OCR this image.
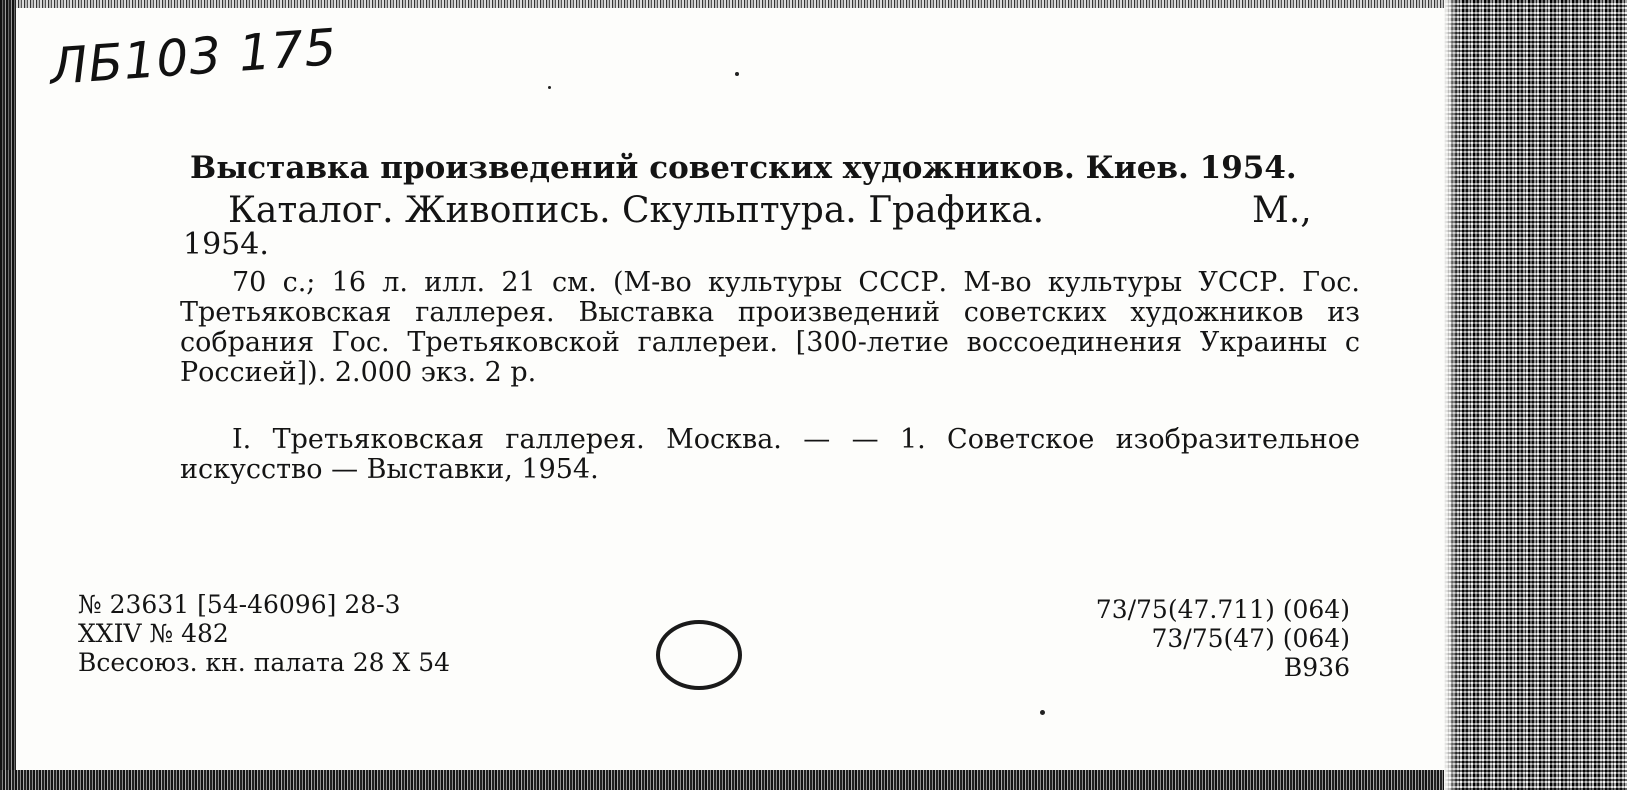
ЛБ103 175
Выставка произведений советских художников. Киев. 1954.
Каталог. Живопись. Скульптура. Графика.	М.,
1954.
70 с.; 16 л. илл. 21 см. (М-во культуры СССР. М-во культуры УССР. Гос. Третьяковская галлерея. Выставка произведений советских художников из собрания Гос. Третьяковской галлереи. [300-летие воссоединения Украины с Россией]). 2.000 экз. 2 р.
I. Третьяковская галлерея. Москва. — — 1. Советское изобразительное искусство — Выставки, 1954.
№ 23631 [54-46096] 28-3
XXIV № 482
Всесоюз. кн. палата 28 X 54
73/75(47.711) (064)
73/75(47) (064)
В936
